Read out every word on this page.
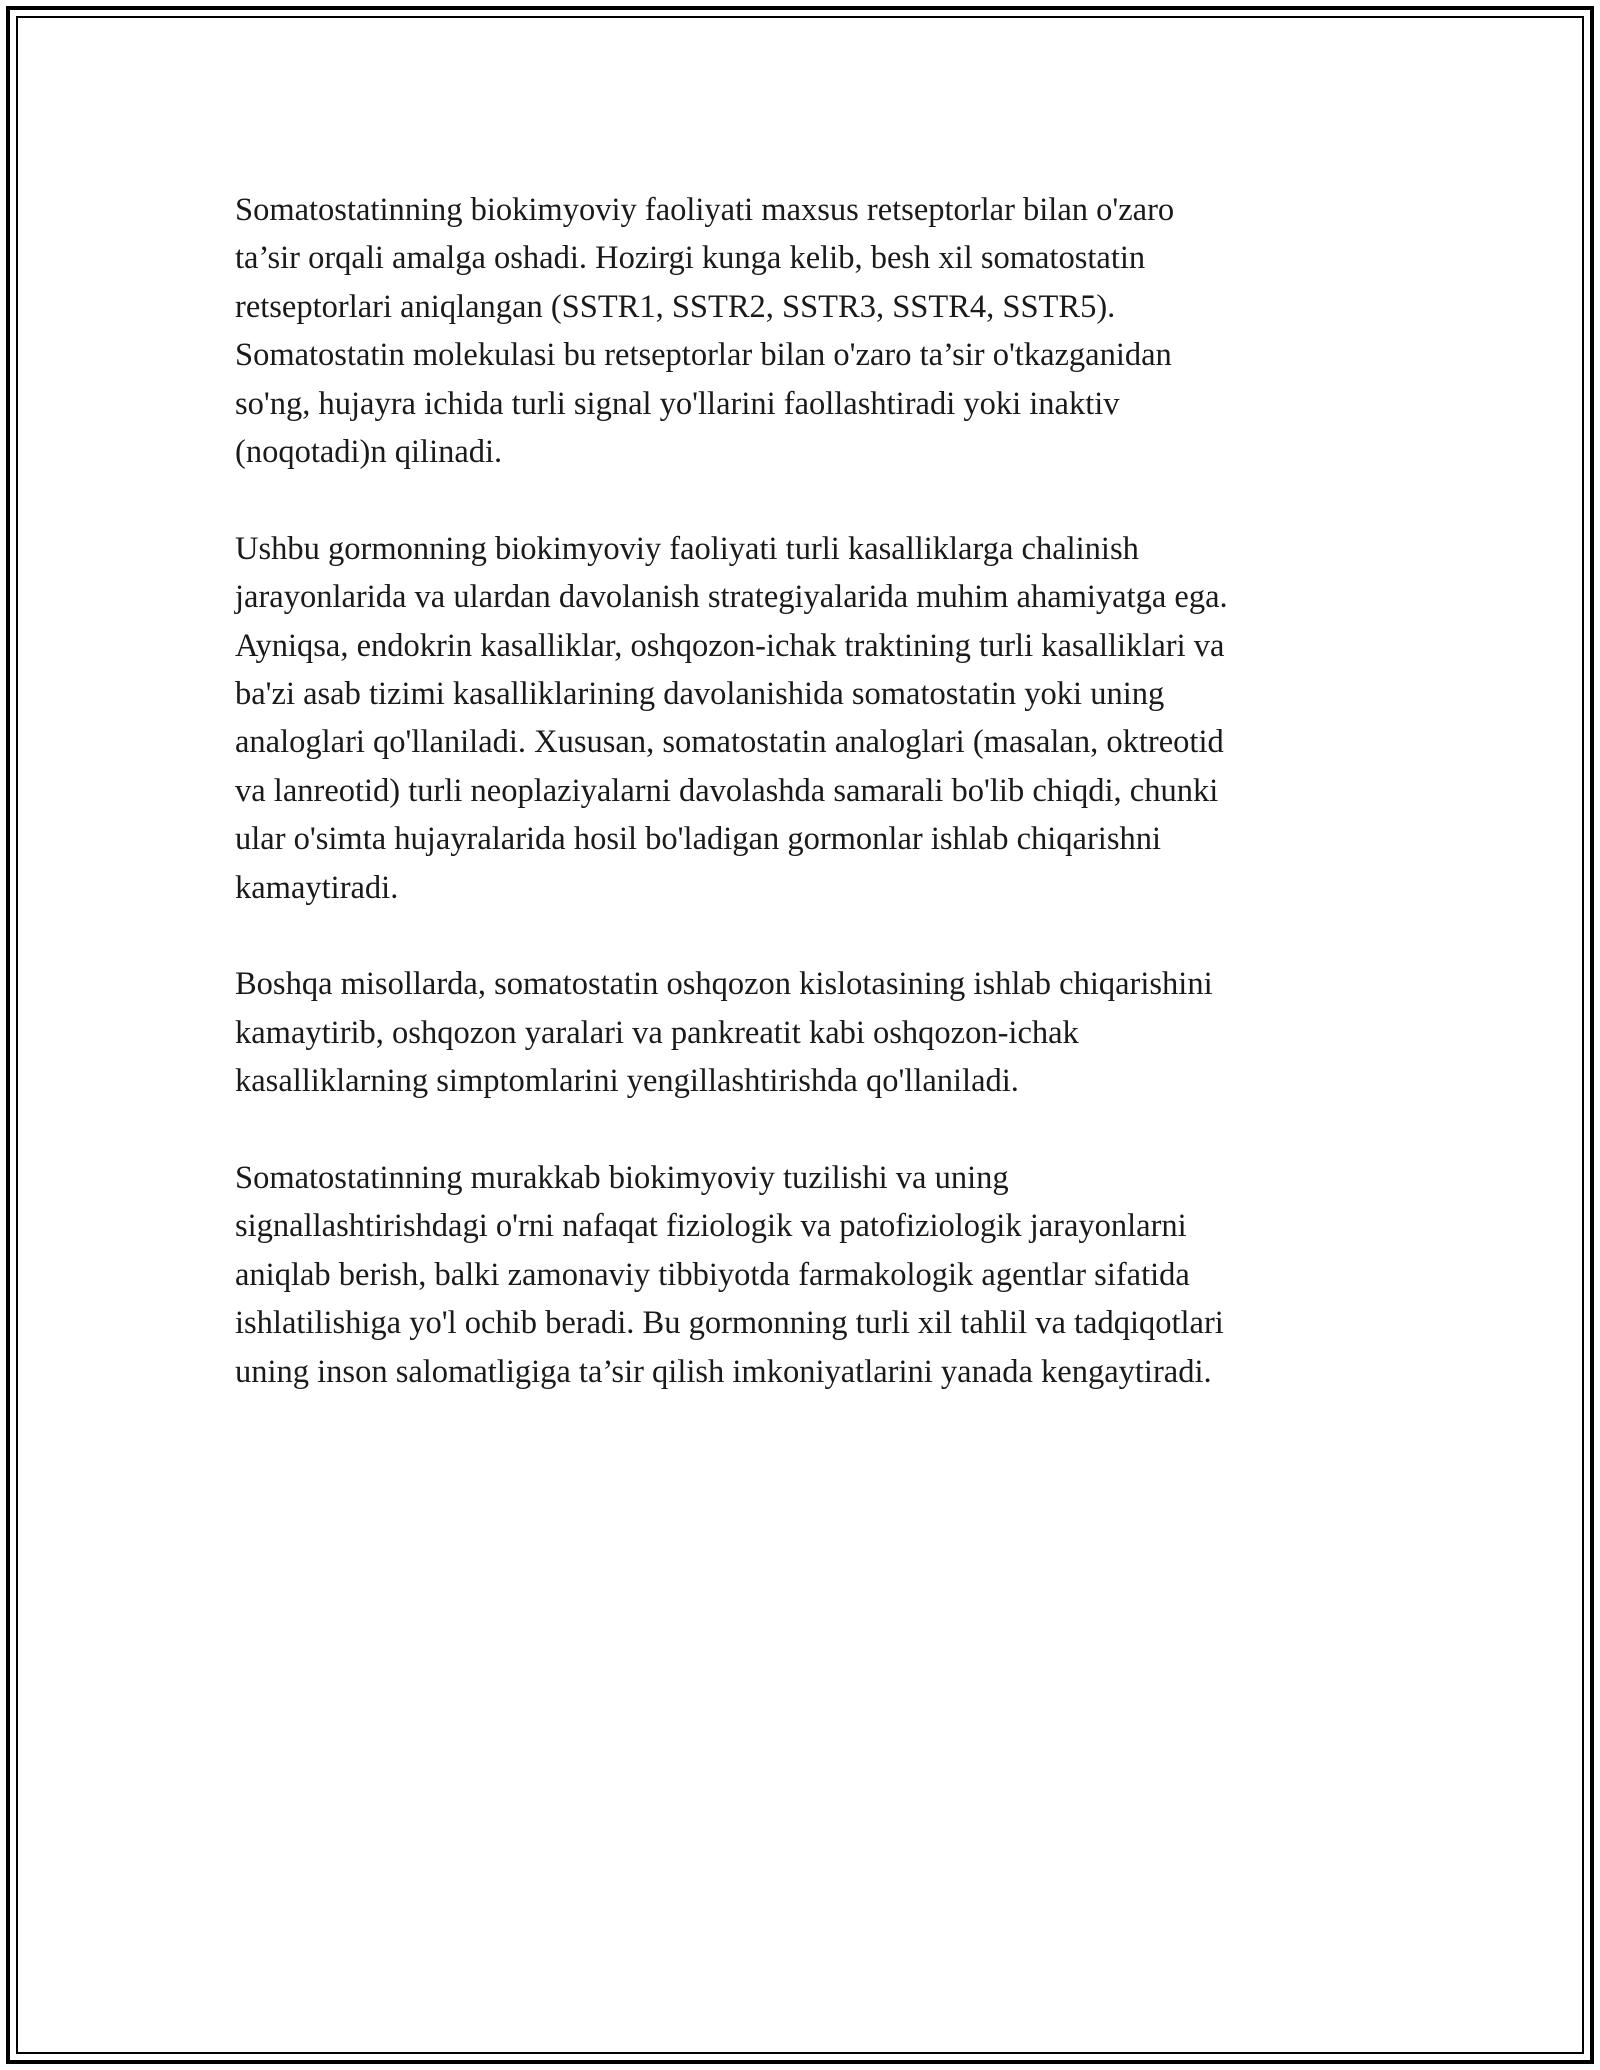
Somatostatinning biokimyoviy faoliyati maxsus retseptorlar bilan o'zaro
ta’sir orqali amalga oshadi. Hozirgi kunga kelib, besh xil somatostatin
retseptorlari aniqlangan (SSTR1, SSTR2, SSTR3, SSTR4, SSTR5).
Somatostatin molekulasi bu retseptorlar bilan o'zaro ta’sir o'tkazganidan
so'ng, hujayra ichida turli signal yo'llarini faollashtiradi yoki inaktiv
(noqotadi)n qilinadi.

Ushbu gormonning biokimyoviy faoliyati turli kasalliklarga chalinish
jarayonlarida va ulardan davolanish strategiyalarida muhim ahamiyatga ega.
Ayniqsa, endokrin kasalliklar, oshqozon-ichak traktining turli kasalliklari va
ba'zi asab tizimi kasalliklarining davolanishida somatostatin yoki uning
analoglari qo'llaniladi. Xususan, somatostatin analoglari (masalan, oktreotid
va lanreotid) turli neoplaziyalarni davolashda samarali bo'lib chiqdi, chunki
ular o'simta hujayralarida hosil bo'ladigan gormonlar ishlab chiqarishni
kamaytiradi.

Boshqa misollarda, somatostatin oshqozon kislotasining ishlab chiqarishini
kamaytirib, oshqozon yaralari va pankreatit kabi oshqozon-ichak
kasalliklarning simptomlarini yengillashtirishda qo'llaniladi.

Somatostatinning murakkab biokimyoviy tuzilishi va uning
signallashtirishdagi o'rni nafaqat fiziologik va patofiziologik jarayonlarni
aniqlab berish, balki zamonaviy tibbiyotda farmakologik agentlar sifatida
ishlatilishiga yo'l ochib beradi. Bu gormonning turli xil tahlil va tadqiqotlari
uning inson salomatligiga ta’sir qilish imkoniyatlarini yanada kengaytiradi.
